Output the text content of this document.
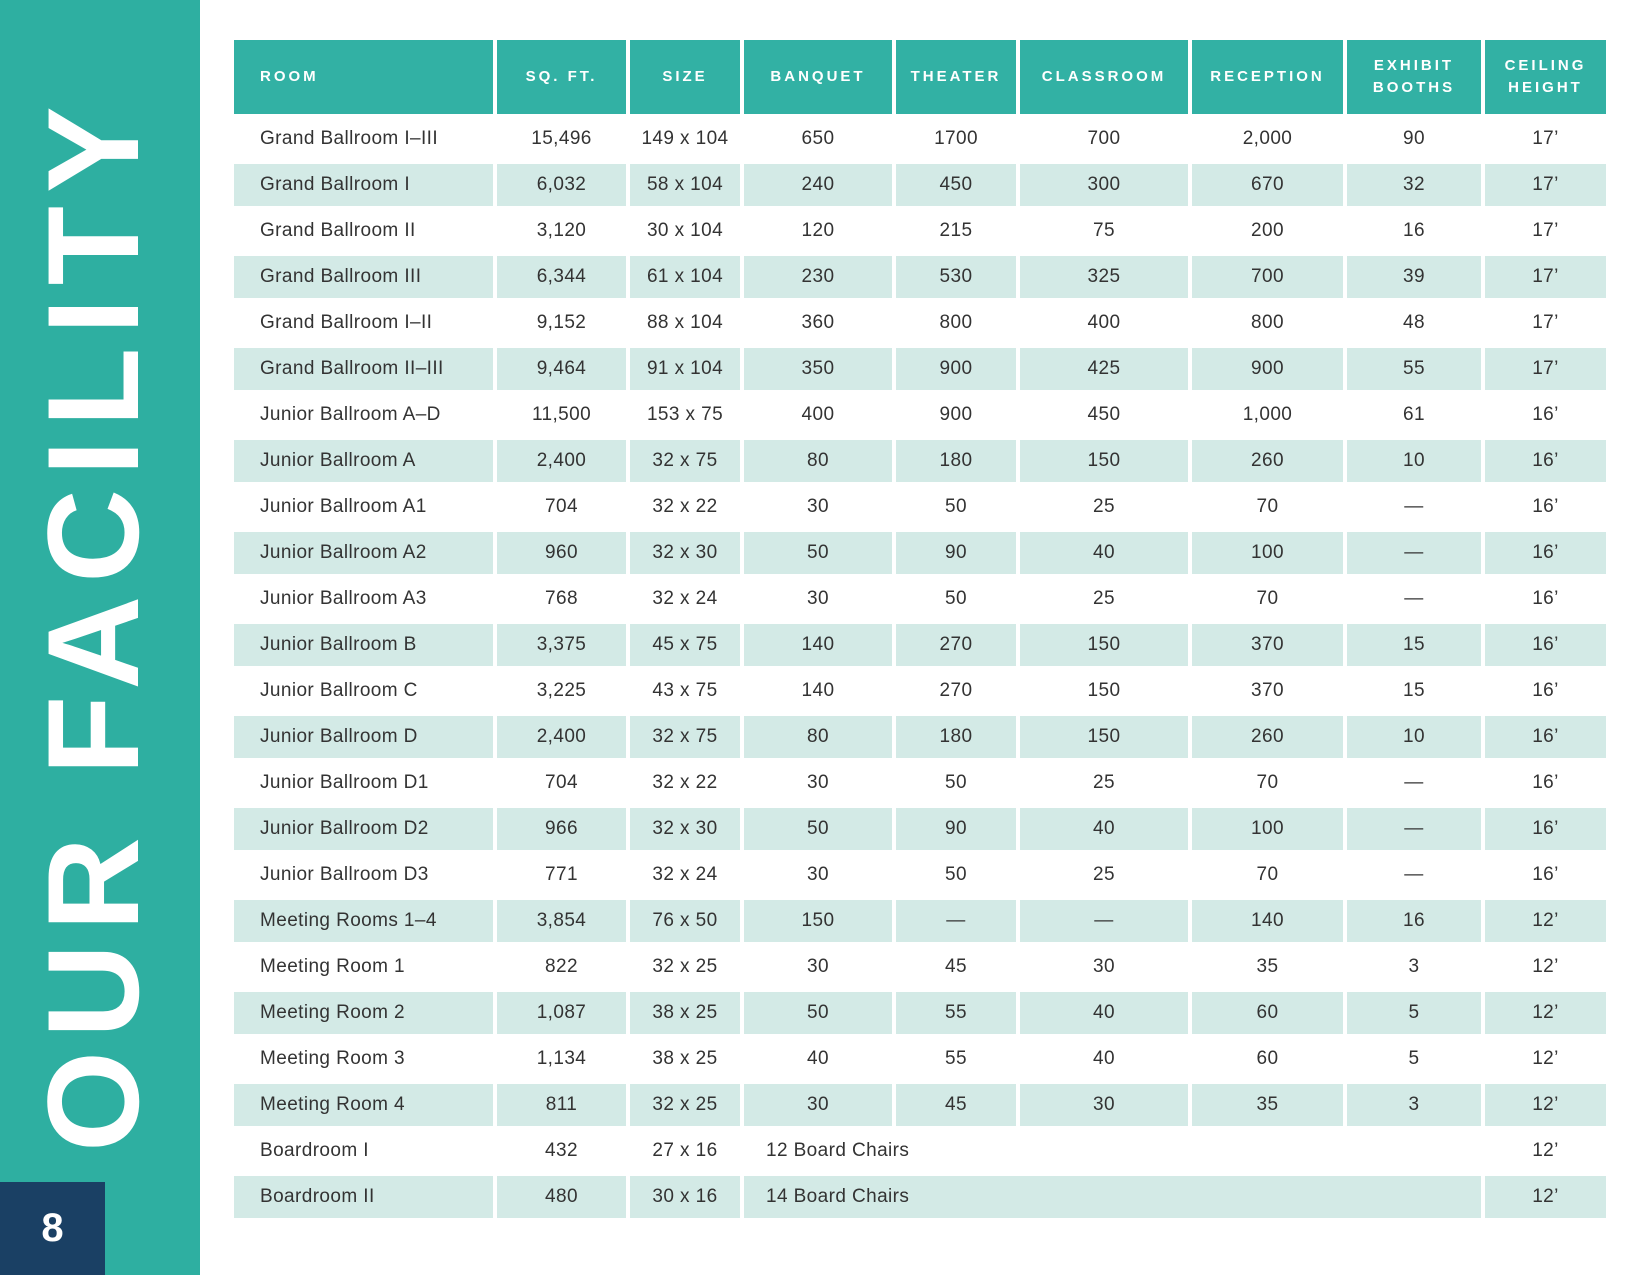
OUR FACILITY
8
ROOM	SQ. FT.	SIZE	BANQUET	THEATER	CLASSROOM	RECEPTION	EXHIBIT BOOTHS	CEILING HEIGHT
Grand Ballroom I–III	15,496	149 x 104	650	1700	700	2,000	90	17’
Grand Ballroom I	6,032	58 x 104	240	450	300	670	32	17’
Grand Ballroom II	3,120	30 x 104	120	215	75	200	16	17’
Grand Ballroom III	6,344	61 x 104	230	530	325	700	39	17’
Grand Ballroom I–II	9,152	88 x 104	360	800	400	800	48	17’
Grand Ballroom II–III	9,464	91 x 104	350	900	425	900	55	17’
Junior Ballroom A–D	11,500	153 x 75	400	900	450	1,000	61	16’
Junior Ballroom A	2,400	32 x 75	80	180	150	260	10	16’
Junior Ballroom A1	704	32 x 22	30	50	25	70	—	16’
Junior Ballroom A2	960	32 x 30	50	90	40	100	—	16’
Junior Ballroom A3	768	32 x 24	30	50	25	70	—	16’
Junior Ballroom B	3,375	45 x 75	140	270	150	370	15	16’
Junior Ballroom C	3,225	43 x 75	140	270	150	370	15	16’
Junior Ballroom D	2,400	32 x 75	80	180	150	260	10	16’
Junior Ballroom D1	704	32 x 22	30	50	25	70	—	16’
Junior Ballroom D2	966	32 x 30	50	90	40	100	—	16’
Junior Ballroom D3	771	32 x 24	30	50	25	70	—	16’
Meeting Rooms 1–4	3,854	76 x 50	150	—	—	140	16	12’
Meeting Room 1	822	32 x 25	30	45	30	35	3	12’
Meeting Room 2	1,087	38 x 25	50	55	40	60	5	12’
Meeting Room 3	1,134	38 x 25	40	55	40	60	5	12’
Meeting Room 4	811	32 x 25	30	45	30	35	3	12’
Boardroom I	432	27 x 16	12 Board Chairs					12’
Boardroom II	480	30 x 16	14 Board Chairs					12’
